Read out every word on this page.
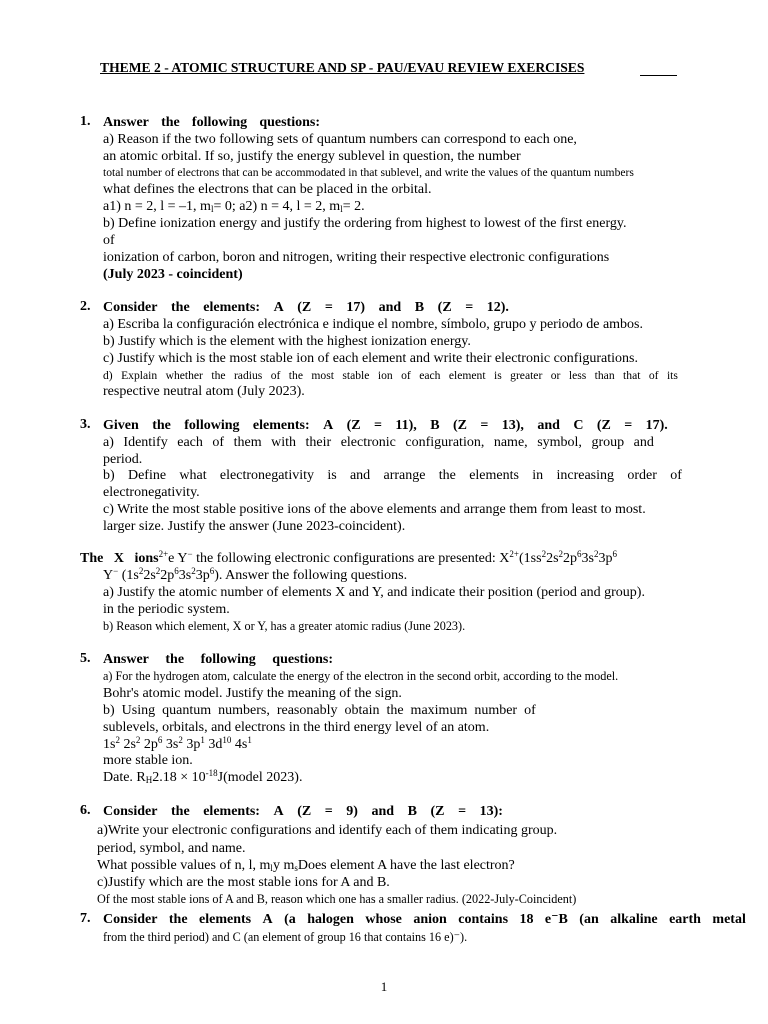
THEME 2 - ATOMIC STRUCTURE AND SP - PAU/EVAU REVIEW EXERCISES
1. Answer the following questions:
a) Reason if the two following sets of quantum numbers can correspond to each one,
an atomic orbital. If so, justify the energy sublevel in question, the number
total number of electrons that can be accommodated in that sublevel, and write the values of the quantum numbers
what defines the electrons that can be placed in the orbital.
a1) n = 2, l = –1, $m_l= 0$; a2) n = 4, l = 2, $m_l= 2$.
b) Define ionization energy and justify the ordering from highest to lowest of the first energy.
of
ionization of carbon, boron and nitrogen, writing their respective electronic configurations
(July 2023 - coincident)
2. Consider the elements: A (Z = 17) and B (Z = 12).
a) Escriba la configuración electrónica e indique el nombre, símbolo, grupo y periodo de ambos.
b) Justify which is the element with the highest ionization energy.
c) Justify which is the most stable ion of each element and write their electronic configurations.
d) Explain whether the radius of the most stable ion of each element is greater or less than that of its
respective neutral atom (July 2023).
3. Given the following elements: A (Z = 11), B (Z = 13), and C (Z = 17).
a) Identify each of them with their electronic configuration, name, symbol, group and
period.
b) Define what electronegativity is and arrange the elements in increasing order of
electronegativity.
c) Write the most stable positive ions of the above elements and arrange them from least to most.
larger size. Justify the answer (June 2023-coincident).
The X ions$^{2+}$e Y− the following electronic configurations are presented: $X^{2+}(1ss^22s^22p^63s^23p^6$
Y− $(1s^22s^22p^63s^23p^6)$. Answer the following questions.
a) Justify the atomic number of elements X and Y, and indicate their position (period and group).
in the periodic system.
b) Reason which element, X or Y, has a greater atomic radius (June 2023).
5. Answer the following questions:
a) For the hydrogen atom, calculate the energy of the electron in the second orbit, according to the model.
Bohr's atomic model. Justify the meaning of the sign.
b)  Using  quantum  numbers,  reasonably  obtain  the  maximum  number  of
sublevels, orbitals, and electrons in the third energy level of an atom.
$1s^2$ $2s^2$ $2p^6$ $3s^2$ $3p^1$ $3d^{10}$ $4s^1$
more stable ion.
Date. $R_H2.18$ × $10^{-18}J(model$ 2023).
6. Consider the elements: A (Z = 9) and B (Z = 13):
a)Write your electronic configurations and identify each of them indicating group.
period, symbol, and name.
What possible values of n, l, $m_ly$ $m_sDoes$ element A have the last electron?
c)Justify which are the most stable ions for A and B.
Of the most stable ions of A and B, reason which one has a smaller radius. (2022-July-Coincident)
7. Consider the elements A (a halogen whose anion contains 18 e⁻B (an alkaline earth metal
from the third period) and C (an element of group 16 that contains 16 e)⁻).
1
